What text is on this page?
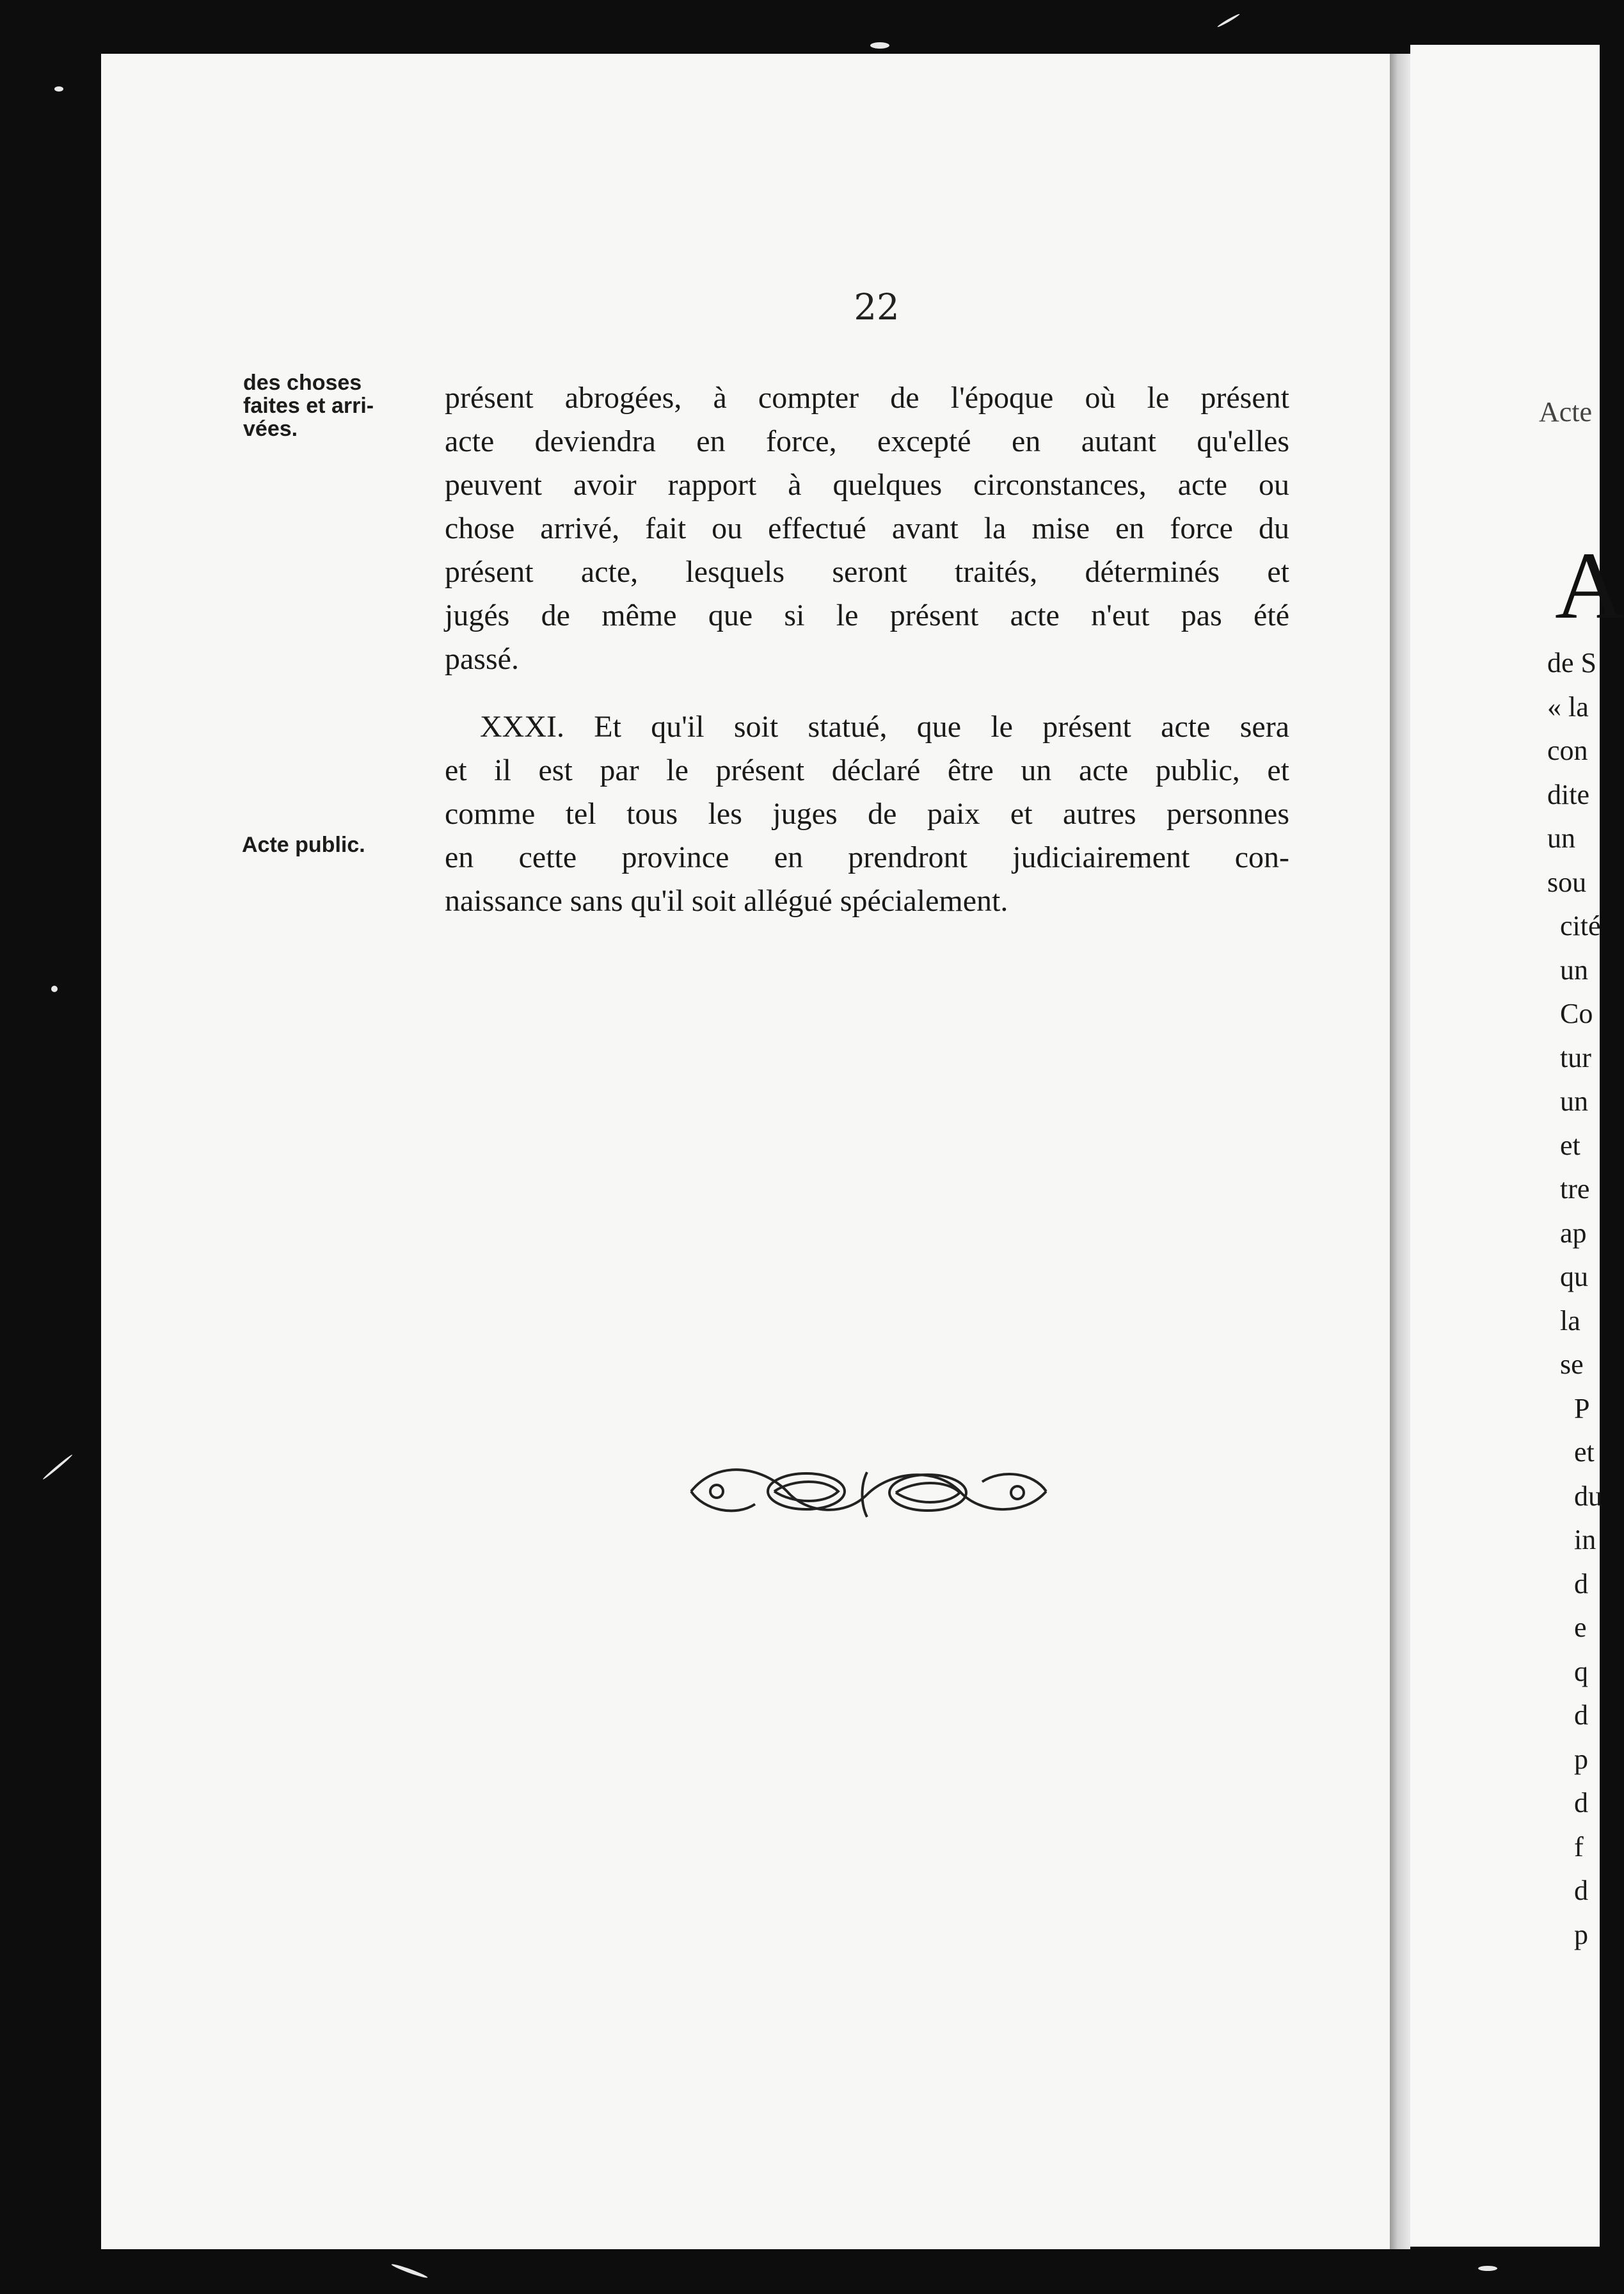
22
des choses
faites et arri-
vées.
Acte public.
présent abrogées, à compter de l'époque où le présent
acte deviendra en force, excepté en autant qu'elles
peuvent avoir rapport à quelques circonstances, acte ou
chose arrivé, fait ou effectué avant la mise en force du
présent acte, lesquels seront traités, déterminés et
jugés de même que si le présent acte n'eut pas été
passé.
XXXI. Et qu'il soit statué, que le présent acte sera
et il est par le présent déclaré être un acte public, et
comme tel tous les juges de paix et autres personnes
en cette province en prendront judiciairement con-
naissance sans qu'il soit allégué spécialement.
Acte
A
de S
« la
con
dite
un
sou
cité
un
Co
tur
un
et
tre
ap
qu
la
se
P
et
du
in
d
e
q
d
p
d
f
d
p
